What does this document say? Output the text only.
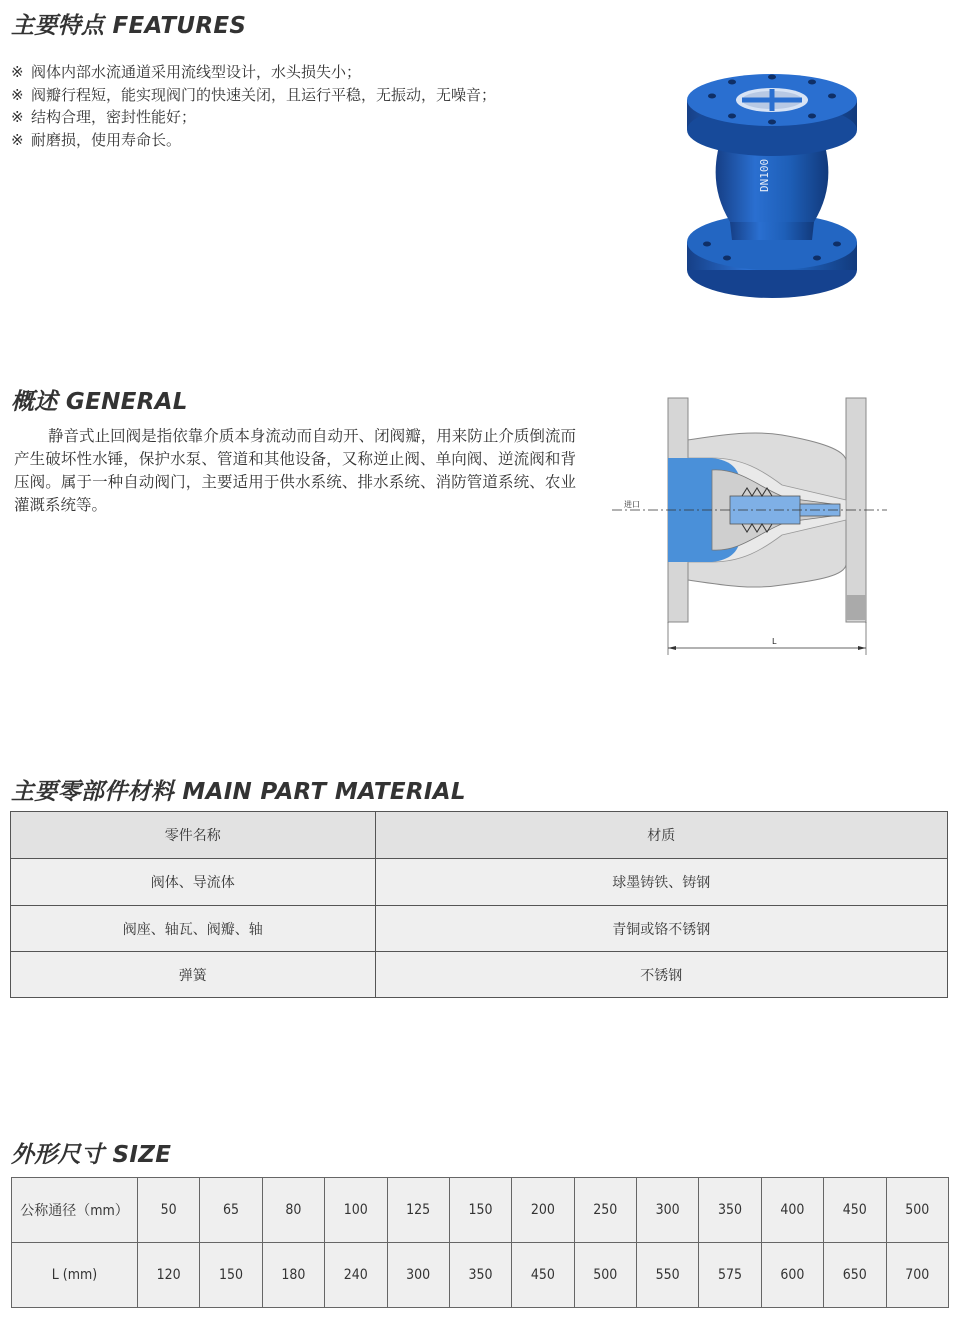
主要特点 FEATURES
※ 阀体内部水流通道采用流线型设计，水头损失小；
※ 阀瓣行程短，能实现阀门的快速关闭，且运行平稳，无振动，无噪音；
※ 结构合理，密封性能好；
※ 耐磨损，使用寿命长。
DN100
概述 GENERAL

静音式止回阀是指依靠介质本身流动而自动开、闭阀瓣，用来防止介质倒流而产生破坏性水锤，保护水泵、管道和其他设备，又称逆止阀、单向阀、逆流阀和背压阀。属于一种自动阀门，主要适用于供水系统、排水系统、消防管道系统、农业灌溉系统等。	进口
L
主要零部件材料 MAIN PART MATERIAL
零件名称	材质
阀体、导流体	球墨铸铁、铸钢
阀座、轴瓦、阀瓣、轴	青铜或铬不锈钢
弹簧	不锈钢
外形尺寸 SIZE
公称通径（mm）	50	65	80	100	125	150	200	250	300	350	400	450	500
L (mm)	120	150	180	240	300	350	450	500	550	575	600	650	700
